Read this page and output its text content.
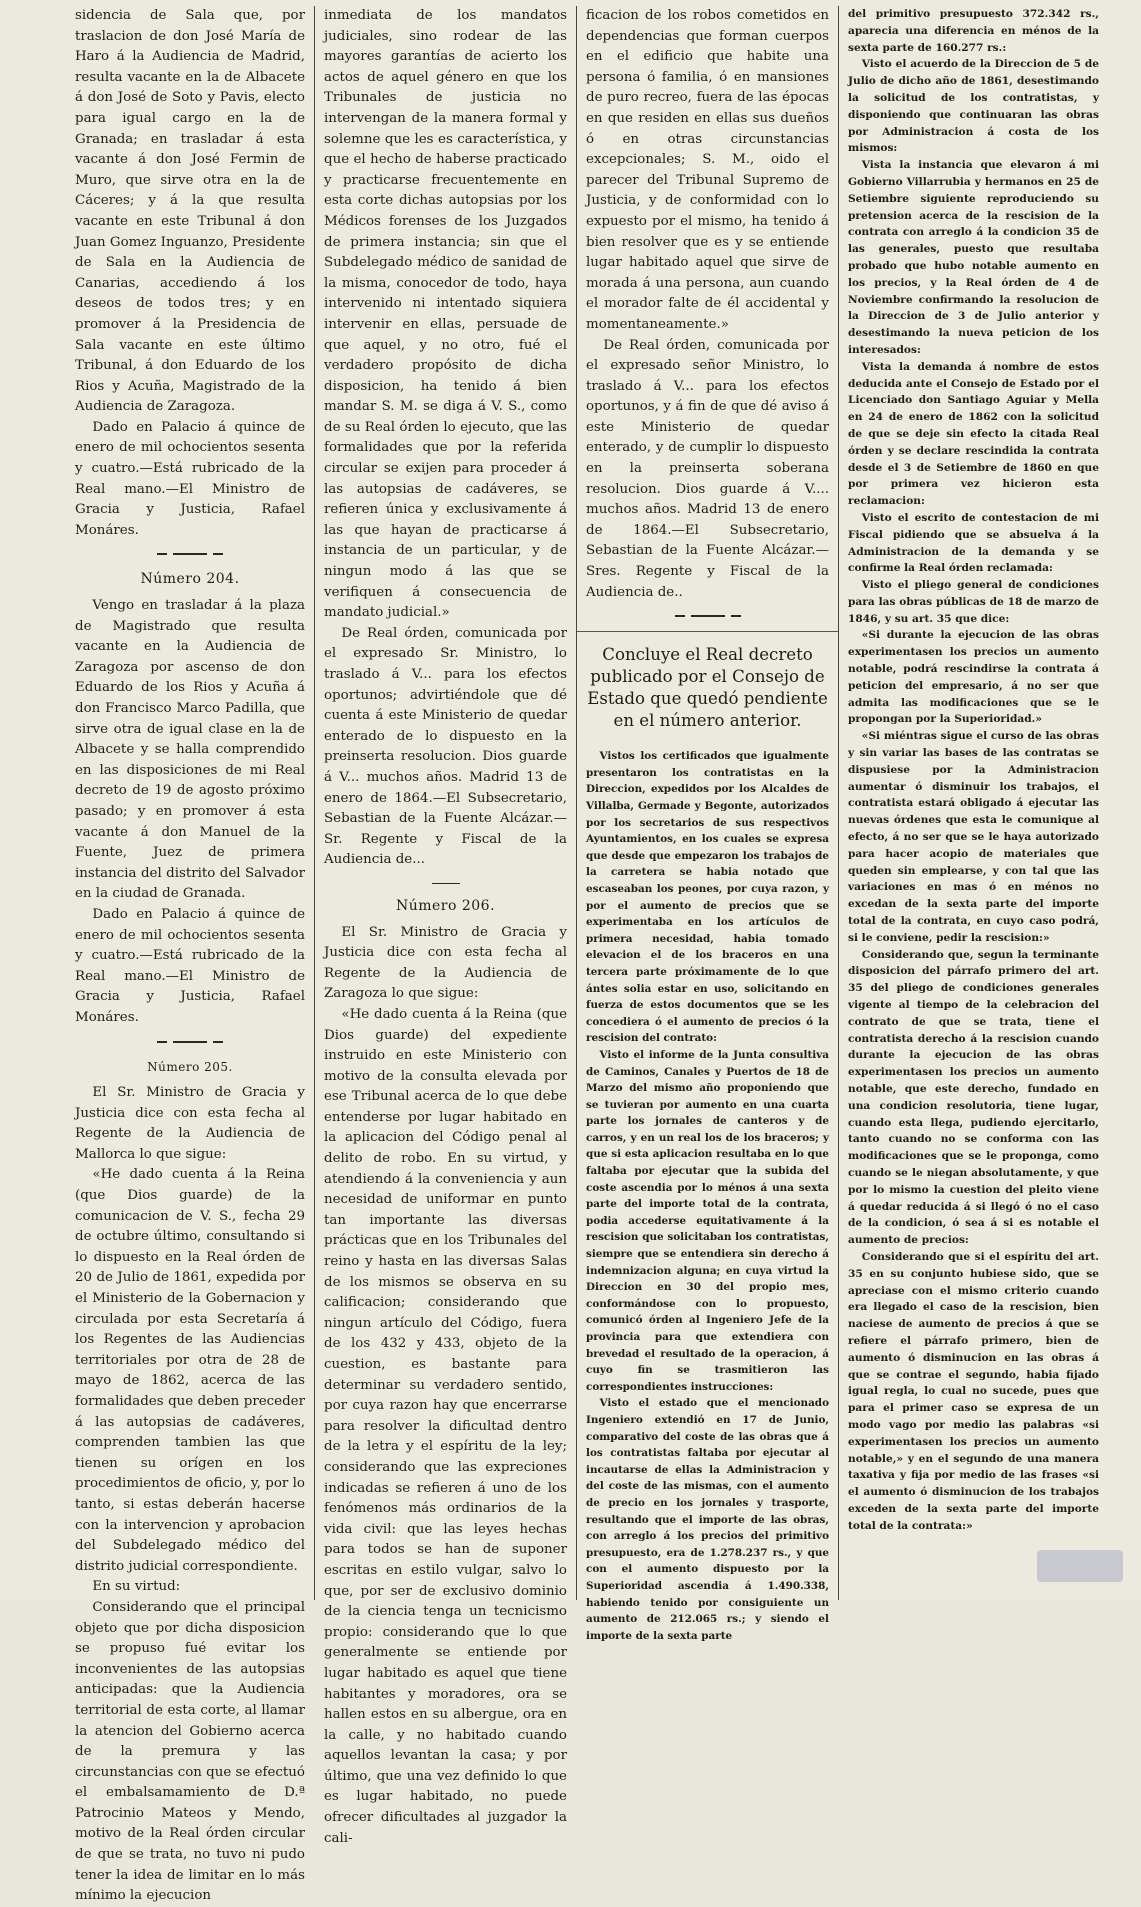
sidencia de Sala que, por traslacion de don José María de Haro á la Audiencia de Madrid, resulta vacante en la de Albacete á don José de Soto y Pavis, electo para igual cargo en la de Granada; en trasladar á esta vacante á don José Fermin de Muro, que sirve otra en la de Cáceres; y á la que resulta vacante en este Tribunal á don Juan Gomez Inguanzo, Presidente de Sala en la Audiencia de Canarias, accediendo á los deseos de todos tres; y en promover á la Presidencia de Sala vacante en este último Tribunal, á don Eduardo de los Rios y Acuña, Magistrado de la Audiencia de Zaragoza.

Dado en Palacio á quince de enero de mil ochocientos sesenta y cuatro.—Está rubricado de la Real mano.—El Ministro de Gracia y Justicia, Rafael Monáres.

Número 204.

Vengo en trasladar á la plaza de Magistrado que resulta vacante en la Audiencia de Zaragoza por ascenso de don Eduardo de los Rios y Acuña á don Francisco Marco Padilla, que sirve otra de igual clase en la de Albacete y se halla comprendido en las disposiciones de mi Real decreto de 19 de agosto próximo pasado; y en promover á esta vacante á don Manuel de la Fuente, Juez de primera instancia del distrito del Salvador en la ciudad de Granada.

Dado en Palacio á quince de enero de mil ochocientos sesenta y cuatro.—Está rubricado de la Real mano.—El Ministro de Gracia y Justicia, Rafael Monáres.

Número 205.

El Sr. Ministro de Gracia y Justicia dice con esta fecha al Regente de la Audiencia de Mallorca lo que sigue:

«He dado cuenta á la Reina (que Dios guarde) de la comunicacion de V. S., fecha 29 de octubre último, consultando si lo dispuesto en la Real órden de 20 de Julio de 1861, expedida por el Ministerio de la Gobernacion y circulada por esta Secretaría á los Regentes de las Audiencias territoriales por otra de 28 de mayo de 1862, acerca de las formalidades que deben preceder á las autopsias de cadáveres, comprenden tambien las que tienen su orígen en los procedimientos de oficio, y, por lo tanto, si estas deberán hacerse con la intervencion y aprobacion del Subdelegado médico del distrito judicial correspondiente.

En su virtud:

Considerando que el principal objeto que por dicha disposicion se propuso fué evitar los inconvenientes de las autopsias anticipadas: que la Audiencia territorial de esta corte, al llamar la atencion del Gobierno acerca de la premura y las circunstancias con que se efectuó el embalsamamiento de D.ª Patrocinio Mateos y Mendo, motivo de la Real órden circular de que se trata, no tuvo ni pudo tener la idea de limitar en lo más mínimo la ejecucion

inmediata de los mandatos judiciales, sino rodear de las mayores garantías de acierto los actos de aquel género en que los Tribunales de justicia no intervengan de la manera formal y solemne que les es característica, y que el hecho de haberse practicado y practicarse frecuentemente en esta corte dichas autopsias por los Médicos forenses de los Juzgados de primera instancia; sin que el Subdelegado médico de sanidad de la misma, conocedor de todo, haya intervenido ni intentado siquiera intervenir en ellas, persuade de que aquel, y no otro, fué el verdadero propósito de dicha disposicion, ha tenido á bien mandar S. M. se diga á V. S., como de su Real órden lo ejecuto, que las formalidades que por la referida circular se exijen para proceder á las autopsias de cadáveres, se refieren única y exclusivamente á las que hayan de practicarse á instancia de un particular, y de ningun modo á las que se verifiquen á consecuencia de mandato judicial.»

De Real órden, comunicada por el expresado Sr. Ministro, lo traslado á V... para los efectos oportunos; advirtiéndole que dé cuenta á este Ministerio de quedar enterado de lo dispuesto en la preinserta resolucion. Dios guarde á V... muchos años. Madrid 13 de enero de 1864.—El Subsecretario, Sebastian de la Fuente Alcázar.—Sr. Regente y Fiscal de la Audiencia de...

Número 206.

El Sr. Ministro de Gracia y Justicia dice con esta fecha al Regente de la Audiencia de Zaragoza lo que sigue:

«He dado cuenta á la Reina (que Dios guarde) del expediente instruido en este Ministerio con motivo de la consulta elevada por ese Tribunal acerca de lo que debe entenderse por lugar habitado en la aplicacion del Código penal al delito de robo. En su virtud, y atendiendo á la conveniencia y aun necesidad de uniformar en punto tan importante las diversas prácticas que en los Tribunales del reino y hasta en las diversas Salas de los mismos se observa en su calificacion; considerando que ningun artículo del Código, fuera de los 432 y 433, objeto de la cuestion, es bastante para determinar su verdadero sentido, por cuya razon hay que encerrarse para resolver la dificultad dentro de la letra y el espíritu de la ley; considerando que las expreciones indicadas se refieren á uno de los fenómenos más ordinarios de la vida civil: que las leyes hechas para todos se han de suponer escritas en estilo vulgar, salvo lo que, por ser de exclusivo dominio de la ciencia tenga un tecnicismo propio: considerando que lo que generalmente se entiende por lugar habitado es aquel que tiene habitantes y moradores, ora se hallen estos en su albergue, ora en la calle, y no habitado cuando aquellos levantan la casa; y por último, que una vez definido lo que es lugar habitado, no puede ofrecer dificultades al juzgador la cali-

ficacion de los robos cometidos en dependencias que forman cuerpos en el edificio que habite una persona ó familia, ó en mansiones de puro recreo, fuera de las épocas en que residen en ellas sus dueños ó en otras circunstancias excepcionales; S. M., oido el parecer del Tribunal Supremo de Justicia, y de conformidad con lo expuesto por el mismo, ha tenido á bien resolver que es y se entiende lugar habitado aquel que sirve de morada á una persona, aun cuando el morador falte de él accidental y momentaneamente.»

De Real órden, comunicada por el expresado señor Ministro, lo traslado á V... para los efectos oportunos, y á fin de que dé aviso á este Ministerio de quedar enterado, y de cumplir lo dispuesto en la preinserta soberana resolucion. Dios guarde á V.... muchos años. Madrid 13 de enero de 1864.—El Subsecretario, Sebastian de la Fuente Alcázar.—Sres. Regente y Fiscal de la Audiencia de..

Concluye el Real decreto publicado por el Consejo de Estado que quedó pendiente en el número anterior.

Vistos los certificados que igualmente presentaron los contratistas en la Direccion, expedidos por los Alcaldes de Villalba, Germade y Begonte, autorizados por los secretarios de sus respectivos Ayuntamientos, en los cuales se expresa que desde que empezaron los trabajos de la carretera se habia notado que escaseaban los peones, por cuya razon, y por el aumento de precios que se experimentaba en los artículos de primera necesidad, habia tomado elevacion el de los braceros en una tercera parte próximamente de lo que ántes solia estar en uso, solicitando en fuerza de estos documentos que se les concediera ó el aumento de precios ó la rescision del contrato:

Visto el informe de la Junta consultiva de Caminos, Canales y Puertos de 18 de Marzo del mismo año proponiendo que se tuvieran por aumento en una cuarta parte los jornales de canteros y de carros, y en un real los de los braceros; y que si esta aplicacion resultaba en lo que faltaba por ejecutar que la subida del coste ascendia por lo ménos á una sexta parte del importe total de la contrata, podia accederse equitativamente á la rescision que solicitaban los contratistas, siempre que se entendiera sin derecho á indemnizacion alguna; en cuya virtud la Direccion en 30 del propio mes, conformándose con lo propuesto, comunicó órden al Ingeniero Jefe de la provincia para que extendiera con brevedad el resultado de la operacion, á cuyo fin se trasmitieron las correspondientes instrucciones:

Visto el estado que el mencionado Ingeniero extendió en 17 de Junio, comparativo del coste de las obras que á los contratistas faltaba por ejecutar al incautarse de ellas la Administracion y del coste de las mismas, con el aumento de precio en los jornales y trasporte, resultando que el importe de las obras, con arreglo á los precios del primitivo presupuesto, era de 1.278.237 rs., y que con el aumento dispuesto por la Superioridad ascendia á 1.490.338, habiendo tenido por consiguiente un aumento de 212.065 rs.; y siendo el importe de la sexta parte

del primitivo presupuesto 372.342 rs., aparecia una diferencia en ménos de la sexta parte de 160.277 rs.:

Visto el acuerdo de la Direccion de 5 de Julio de dicho año de 1861, desestimando la solicitud de los contratistas, y disponiendo que continuaran las obras por Administracion á costa de los mismos:

Vista la instancia que elevaron á mi Gobierno Villarrubia y hermanos en 25 de Setiembre siguiente reproduciendo su pretension acerca de la rescision de la contrata con arreglo á la condicion 35 de las generales, puesto que resultaba probado que hubo notable aumento en los precios, y la Real órden de 4 de Noviembre confirmando la resolucion de la Direccion de 3 de Julio anterior y desestimando la nueva peticion de los interesados:

Vista la demanda á nombre de estos deducida ante el Consejo de Estado por el Licenciado don Santiago Aguiar y Mella en 24 de enero de 1862 con la solicitud de que se deje sin efecto la citada Real órden y se declare rescindida la contrata desde el 3 de Setiembre de 1860 en que por primera vez hicieron esta reclamacion:

Visto el escrito de contestacion de mi Fiscal pidiendo que se absuelva á la Administracion de la demanda y se confirme la Real órden reclamada:

Visto el pliego general de condiciones para las obras públicas de 18 de marzo de 1846, y su art. 35 que dice:

«Si durante la ejecucion de las obras experimentasen los precios un aumento notable, podrá rescindirse la contrata á peticion del empresario, á no ser que admita las modificaciones que se le propongan por la Superioridad.»

«Si miéntras sigue el curso de las obras y sin variar las bases de las contratas se dispusiese por la Administracion aumentar ó disminuir los trabajos, el contratista estará obligado á ejecutar las nuevas órdenes que esta le comunique al efecto, á no ser que se le haya autorizado para hacer acopio de materiales que queden sin emplearse, y con tal que las variaciones en mas ó en ménos no excedan de la sexta parte del importe total de la contrata, en cuyo caso podrá, si le conviene, pedir la rescision:»

Considerando que, segun la terminante disposicion del párrafo primero del art. 35 del pliego de condiciones generales vigente al tiempo de la celebracion del contrato de que se trata, tiene el contratista derecho á la rescision cuando durante la ejecucion de las obras experimentasen los precios un aumento notable, que este derecho, fundado en una condicion resolutoria, tiene lugar, cuando esta llega, pudiendo ejercitarlo, tanto cuando no se conforma con las modificaciones que se le proponga, como cuando se le niegan absolutamente, y que por lo mismo la cuestion del pleito viene á quedar reducida á si llegó ó no el caso de la condicion, ó sea á si es notable el aumento de precios:

Considerando que si el espíritu del art. 35 en su conjunto hubiese sido, que se apreciase con el mismo criterio cuando era llegado el caso de la rescision, bien naciese de aumento de precios á que se refiere el párrafo primero, bien de aumento ó disminucion en las obras á que se contrae el segundo, habia fijado igual regla, lo cual no sucede, pues que para el primer caso se expresa de un modo vago por medio las palabras «si experimentasen los precios un aumento notable,» y en el segundo de una manera taxativa y fija por medio de las frases «si el aumento ó disminucion de los trabajos exceden de la sexta parte del importe total de la contrata:»
